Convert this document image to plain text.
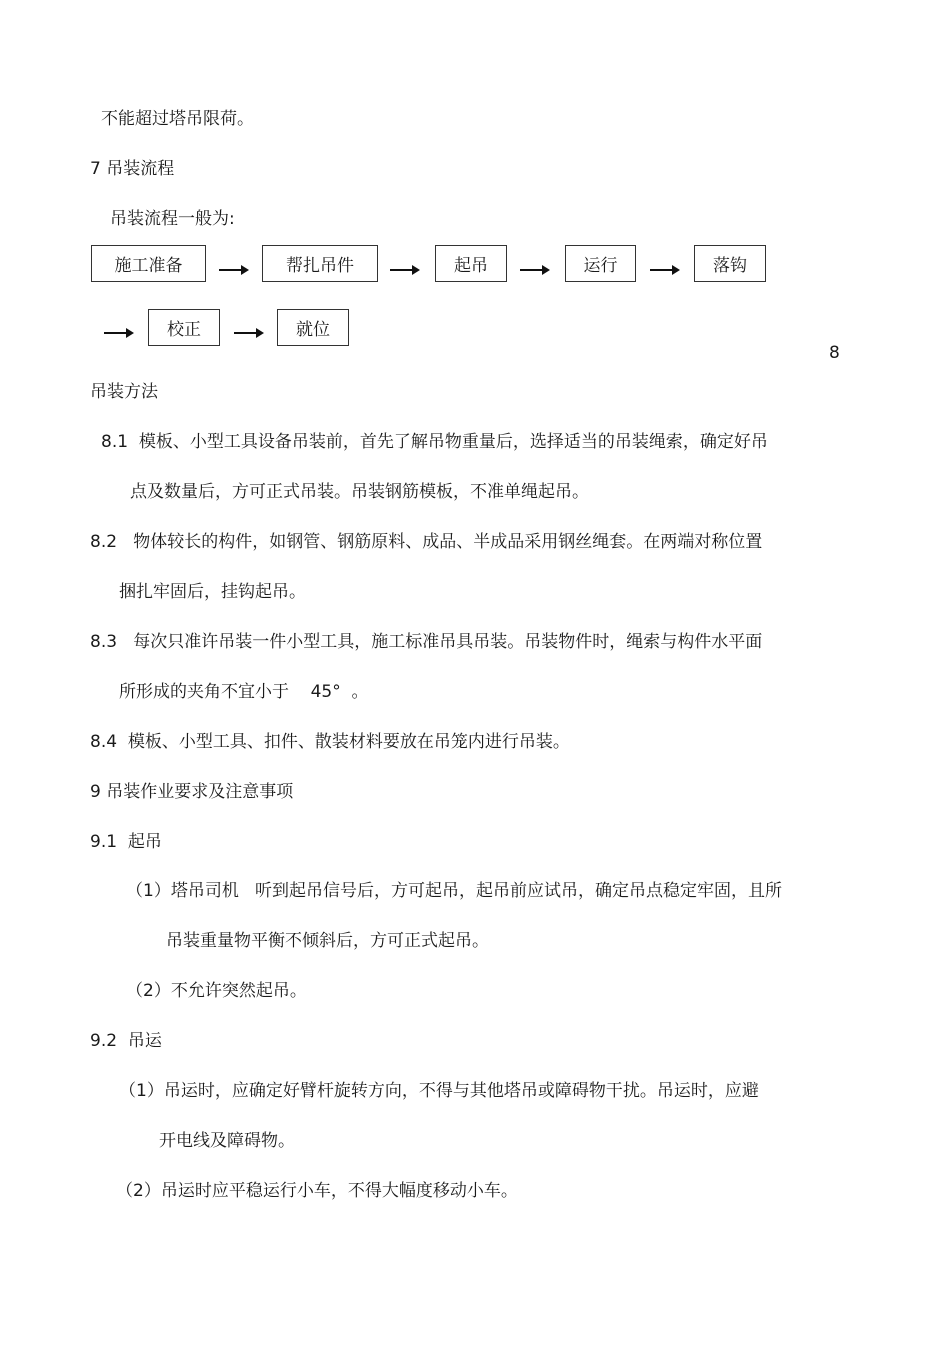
不能超过塔吊限荷。
7 吊装流程
吊装流程一般为:
施工准备	帮扎吊件	起吊	运行	落钩
校正	就位
8
吊装方法
8.1  模板、小型工具设备吊装前，首先了解吊物重量后，选择适当的吊装绳索，确定好吊
点及数量后，方可正式吊装。吊装钢筋模板，不准单绳起吊。
8.2   物体较长的构件，如钢管、钢筋原料、成品、半成品采用钢丝绳套。在两端对称位置
捆扎牢固后，挂钩起吊。
8.3   每次只准许吊装一件小型工具，施工标准吊具吊装。吊装物件时，绳索与构件水平面
所形成的夹角不宜小于    45°  。
8.4  模板、小型工具、扣件、散装材料要放在吊笼内进行吊装。
9 吊装作业要求及注意事项
9.1  起吊
（1）塔吊司机   听到起吊信号后，方可起吊，起吊前应试吊，确定吊点稳定牢固，且所
吊装重量物平衡不倾斜后，方可正式起吊。
（2）不允许突然起吊。
9.2  吊运
（1）吊运时，应确定好臂杆旋转方向，不得与其他塔吊或障碍物干扰。吊运时，应避
开电线及障碍物。
（2）吊运时应平稳运行小车，不得大幅度移动小车。
